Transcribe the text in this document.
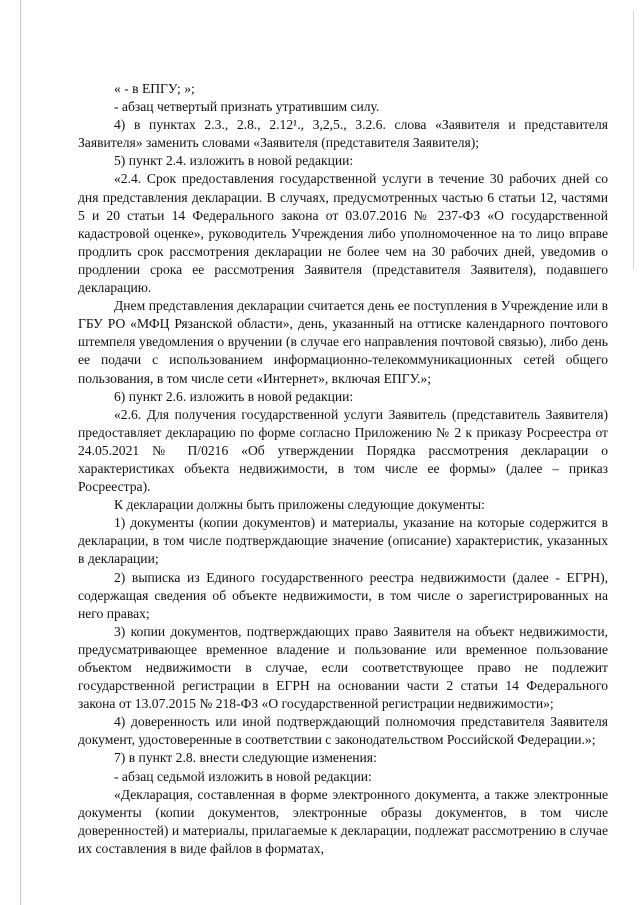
« - в ЕПГУ; »;

- абзац четвертый признать утратившим силу.

4) в пунктах 2.3., 2.8., 2.12¹., 3,2,5., 3.2.6. слова «Заявителя и представителя Заявителя» заменить словами «Заявителя (представителя Заявителя);

5) пункт 2.4. изложить в новой редакции:

«2.4. Срок предоставления государственной услуги в течение 30 рабочих дней со дня представления декларации. В случаях, предусмотренных частью 6 статьи 12, частями 5 и 20 статьи 14 Федерального закона от 03.07.2016 № 237-ФЗ «О государственной кадастровой оценке», руководитель Учреждения либо уполномоченное на то лицо вправе продлить срок рассмотрения декларации не более чем на 30 рабочих дней, уведомив о продлении срока ее рассмотрения Заявителя (представителя Заявителя), подавшего декларацию.

Днем представления декларации считается день ее поступления в Учреждение или в ГБУ РО «МФЦ Рязанской области», день, указанный на оттиске календарного почтового штемпеля уведомления о вручении (в случае его направления почтовой связью), либо день ее подачи с использованием информационно-телекоммуникационных сетей общего пользования, в том числе сети «Интернет», включая ЕПГУ.»;

6) пункт 2.6. изложить в новой редакции:

«2.6. Для получения государственной услуги Заявитель (представитель Заявителя) предоставляет декларацию по форме согласно Приложению № 2 к приказу Росреестра от 24.05.2021 № П/0216 «Об утверждении Порядка рассмотрения декларации о характеристиках объекта недвижимости, в том числе ее формы» (далее – приказ Росреестра).

К декларации должны быть приложены следующие документы:

1) документы (копии документов) и материалы, указание на которые содержится в декларации, в том числе подтверждающие значение (описание) характеристик, указанных в декларации;

2) выписка из Единого государственного реестра недвижимости (далее - ЕГРН), содержащая сведения об объекте недвижимости, в том числе о зарегистрированных на него правах;

3) копии документов, подтверждающих право Заявителя на объект недвижимости, предусматривающее временное владение и пользование или временное пользование объектом недвижимости в случае, если соответствующее право не подлежит государственной регистрации в ЕГРН на основании части 2 статьи 14 Федерального закона от 13.07.2015 № 218-ФЗ «О государственной регистрации недвижимости»;

4) доверенность или иной подтверждающий полномочия представителя Заявителя документ, удостоверенные в соответствии с законодательством Российской Федерации.»;

7) в пункт 2.8. внести следующие изменения:

- абзац седьмой изложить в новой редакции:

«Декларация, составленная в форме электронного документа, а также электронные документы (копии документов, электронные образы документов, в том числе доверенностей) и материалы, прилагаемые к декларации, подлежат рассмотрению в случае их составления в виде файлов в форматах,
